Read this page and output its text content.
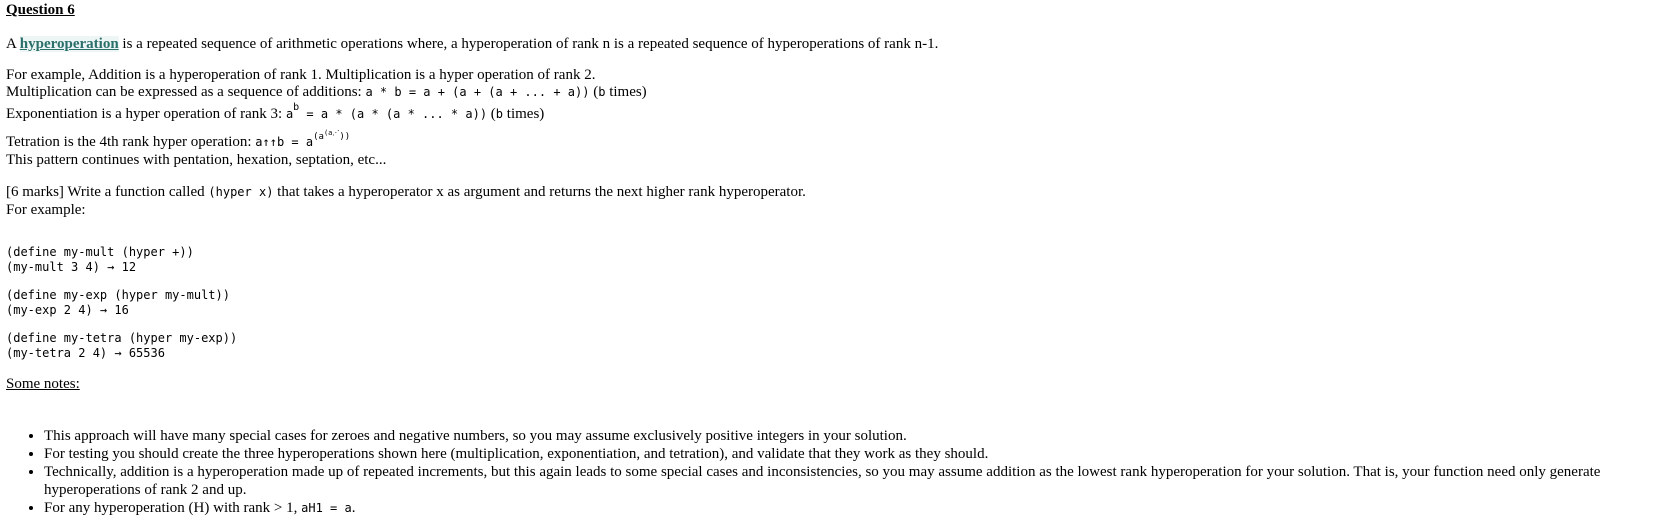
Question 6
A hyperoperation is a repeated sequence of arithmetic operations where, a hyperoperation of rank n is a repeated sequence of hyperoperations of rank n-1.
For example, Addition is a hyperoperation of rank 1. Multiplication is a hyper operation of rank 2.
Multiplication can be expressed as a sequence of additions: a * b = a + (a + (a + ... + a)) (b times)
Exponentiation is a hyper operation of rank 3: $a^b = a * (a * (a$ * ... * a)) (b times)
Tetration is the 4th rank hyper operation: a↑↑b = $a^{(a^{(a⋰}))}$
This pattern continues with pentation, hexation, septation, etc...
[6 marks] Write a function called (hyper x) that takes a hyperoperator x as argument and returns the next higher rank hyperoperator.
For example:
(define my-mult (hyper +))
(my-mult 3 4) → 12
(define my-exp (hyper my-mult))
(my-exp 2 4) → 16
(define my-tetra (hyper my-exp))
(my-tetra 2 4) → 65536
Some notes:
• This approach will have many special cases for zeroes and negative numbers, so you may assume exclusively positive integers in your solution.
• For testing you should create the three hyperoperations shown here (multiplication, exponentiation, and tetration), and validate that they work as they should.
• Technically, addition is a hyperoperation made up of repeated increments, but this again leads to some special cases and inconsistencies, so you may assume addition as the lowest rank hyperoperation for your solution. That is, your function need only generate hyperoperations of rank 2 and up.
• For any hyperoperation (H) with rank > 1, aH1 = a.
